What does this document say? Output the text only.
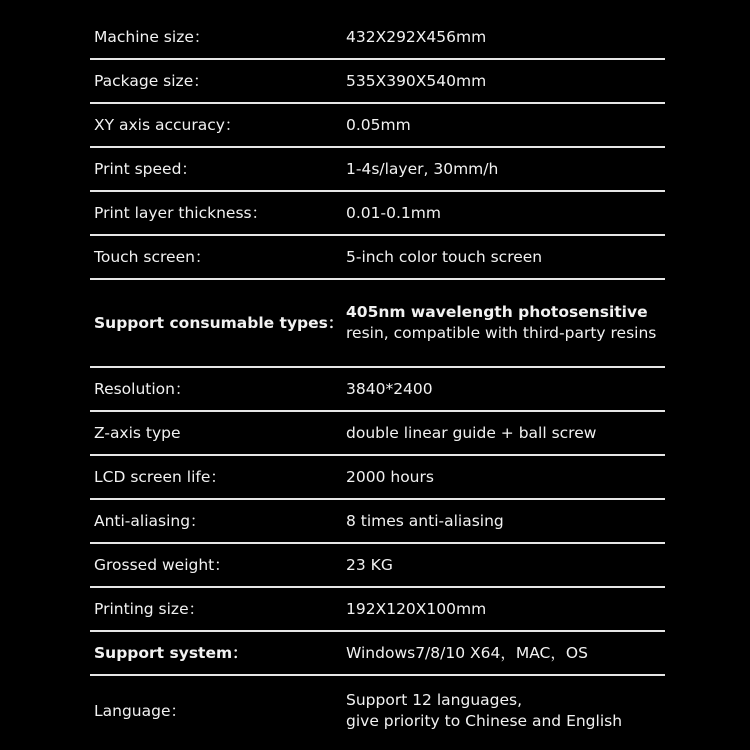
Machine size：	432X292X456mm
Package size：	535X390X540mm
XY axis accuracy：	0.05mm
Print speed：	1-4s/layer, 30mm/h
Print layer thickness：	0.01-0.1mm
Touch screen：	5-inch color touch screen
Support consumable types：
405nm wavelength photosensitive
resin, compatible with third-party resins
Resolution：	3840*2400
Z-axis type	double linear guide + ball screw
LCD screen life：	2000 hours
Anti-aliasing：	8 times anti-aliasing
Grossed weight：	23 KG
Printing size：	192X120X100mm
Support system：	Windows7/8/10 X64，MAC，OS
Language：
Support 12 languages,
give priority to Chinese and English
